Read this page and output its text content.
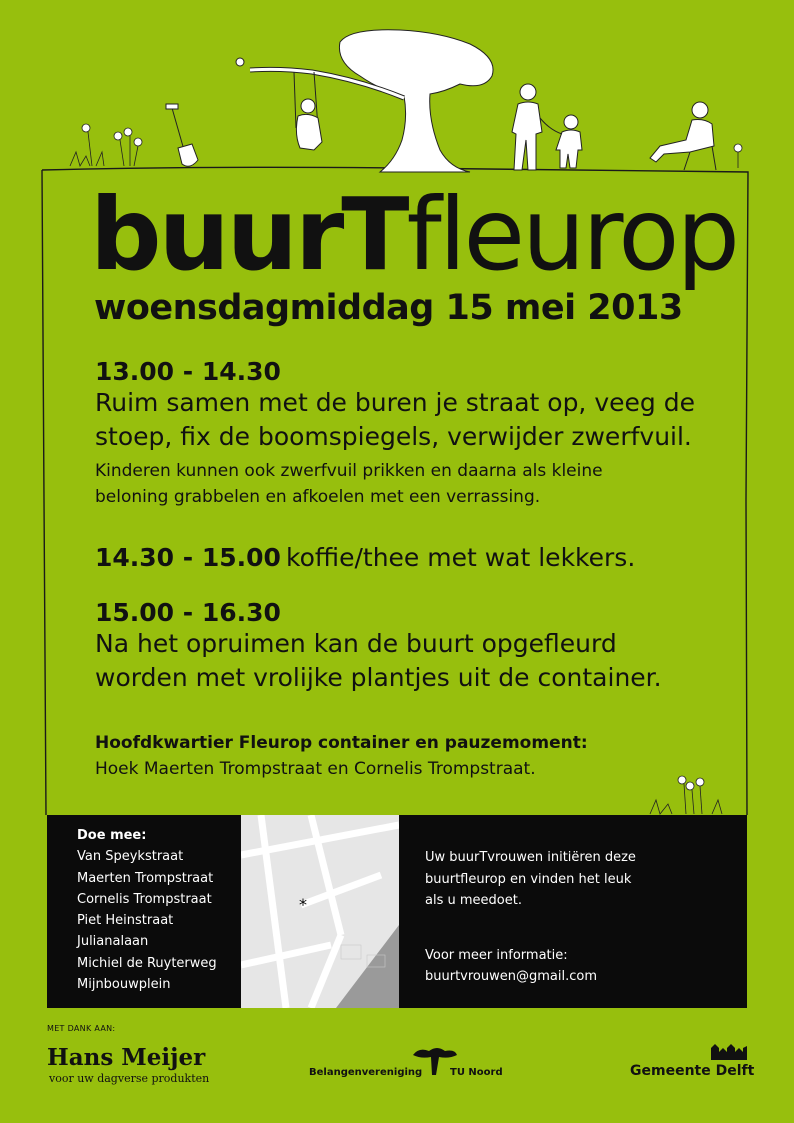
buurTfleurop
woensdagmiddag 15 mei 2013
13.00 - 14.30
Ruim samen met de buren je straat op, veeg de
stoep, fix de boomspiegels, verwijder zwerfvuil.
Kinderen kunnen ook zwerfvuil prikken en daarna als kleine
beloning grabbelen en afkoelen met een verrassing.
14.30 - 15.00 koffie/thee met wat lekkers.
15.00 - 16.30
Na het opruimen kan de buurt opgefleurd
worden met vrolijke plantjes uit de container.
Hoofdkwartier Fleurop container en pauzemoment:
Hoek Maerten Trompstraat en Cornelis Trompstraat.
Doe mee:
Van Speykstraat
Maerten Trompstraat
Cornelis Trompstraat
Piet Heinstraat
Julianalaan
Michiel de Ruyterweg
Mijnbouwplein
*
Uw buurTvrouwen initiëren deze
buurtfleurop en vinden het leuk
als u meedoet.
Voor meer informatie:
buurtvrouwen@gmail.com
MET DANK AAN:
Hans Meijer
voor uw dagverse produkten	Belangenvereniging	TU Noord	Gemeente Delft
